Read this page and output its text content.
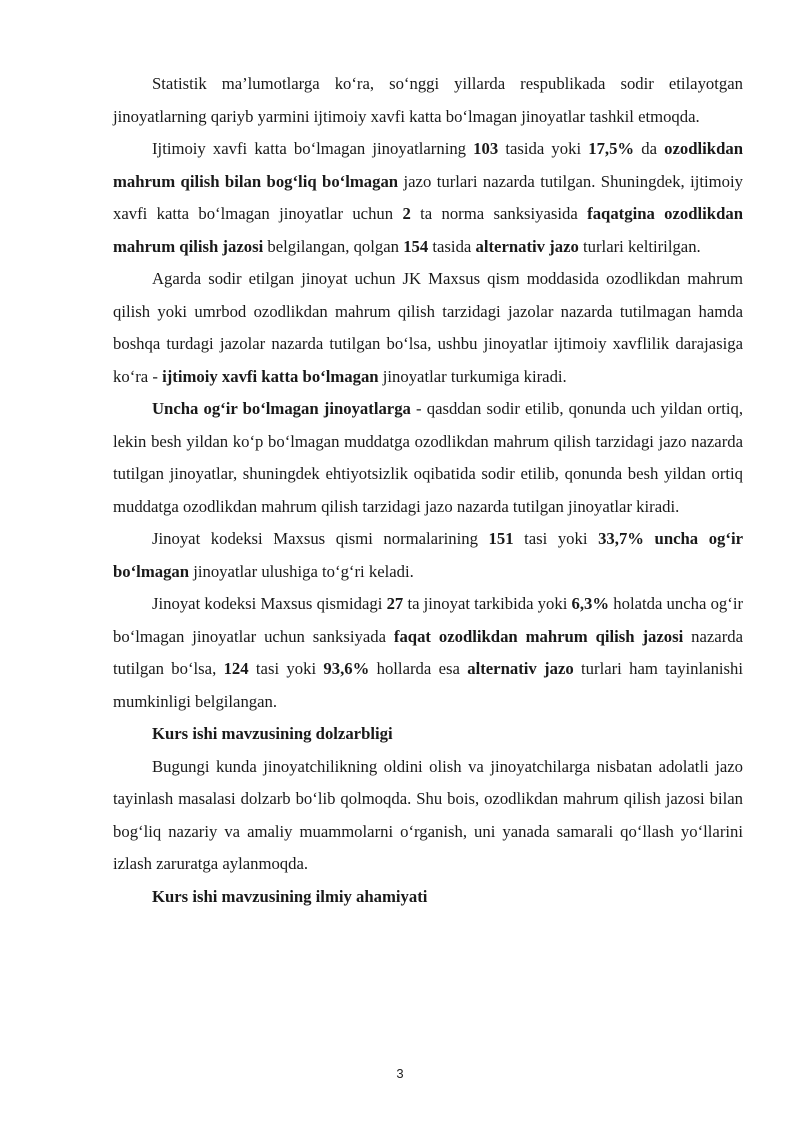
Statistik ma’lumotlarga ko‘ra, so‘nggi yillarda respublikada sodir etilayotgan jinoyatlarning qariyb yarmini ijtimoiy xavfi katta bo‘lmagan jinoyatlar tashkil etmoqda.

Ijtimoiy xavfi katta bo‘lmagan jinoyatlarning 103 tasida yoki 17,5% da ozodlikdan mahrum qilish bilan bog‘liq bo‘lmagan jazo turlari nazarda tutilgan. Shuningdek, ijtimoiy xavfi katta bo‘lmagan jinoyatlar uchun 2 ta norma sanksiyasida faqatgina ozodlikdan mahrum qilish jazosi belgilangan, qolgan 154 tasida alternativ jazo turlari keltirilgan.

Agarda sodir etilgan jinoyat uchun JK Maxsus qism moddasida ozodlikdan mahrum qilish yoki umrbod ozodlikdan mahrum qilish tarzidagi jazolar nazarda tutilmagan hamda boshqa turdagi jazolar nazarda tutilgan bo‘lsa, ushbu jinoyatlar ijtimoiy xavflilik darajasiga ko‘ra - ijtimoiy xavfi katta bo‘lmagan jinoyatlar turkumiga kiradi.

Uncha og‘ir bo‘lmagan jinoyatlarga - qasddan sodir etilib, qonunda uch yildan ortiq, lekin besh yildan ko‘p bo‘lmagan muddatga ozodlikdan mahrum qilish tarzidagi jazo nazarda tutilgan jinoyatlar, shuningdek ehtiyotsizlik oqibatida sodir etilib, qonunda besh yildan ortiq muddatga ozodlikdan mahrum qilish tarzidagi jazo nazarda tutilgan jinoyatlar kiradi.

Jinoyat kodeksi Maxsus qismi normalarining 151 tasi yoki 33,7% uncha og‘ir bo‘lmagan jinoyatlar ulushiga to‘g‘ri keladi.

Jinoyat kodeksi Maxsus qismidagi 27 ta jinoyat tarkibida yoki 6,3% holatda uncha og‘ir bo‘lmagan jinoyatlar uchun sanksiyada faqat ozodlikdan mahrum qilish jazosi nazarda tutilgan bo‘lsa, 124 tasi yoki 93,6% hollarda esa alternativ jazo turlari ham tayinlanishi mumkinligi belgilangan.

Kurs ishi mavzusining dolzarbligi

Bugungi kunda jinoyatchilikning oldini olish va jinoyatchilarga nisbatan adolatli jazo tayinlash masalasi dolzarb bo‘lib qolmoqda. Shu bois, ozodlikdan mahrum qilish jazosi bilan bog‘liq nazariy va amaliy muammolarni o‘rganish, uni yanada samarali qo‘llash yo‘llarini izlash zaruratga aylanmoqda.

Kurs ishi mavzusining ilmiy ahamiyati

3
